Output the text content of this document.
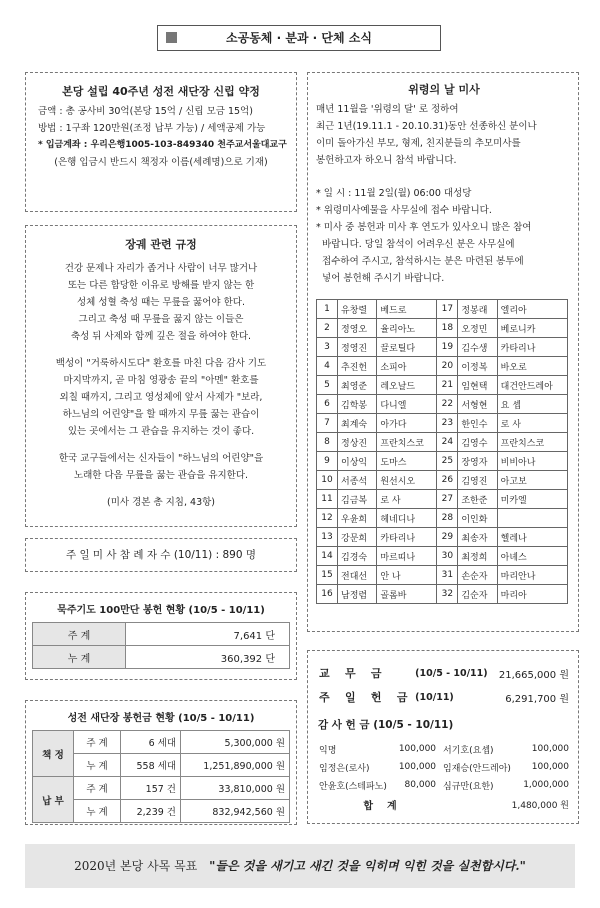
소공동체 · 분과 · 단체 소식
본당 설립 40주년 성전 새단장 신립 약정
금액 : 총 공사비 30억(본당 15억 / 신립 모금 15억)
방법 : 1구좌 120만원(조정 납부 가능) / 세액공제 가능
* 입금계좌 : 우리은행1005-103-849340 천주교서울대교구
(은행 입금시 반드시 책정자 이름(세례명)으로 기재)
장궤 관련 규정
건강 문제나 자리가 좁거나 사람이 너무 많거나
또는 다른 합당한 이유로 방해를 받지 않는 한
성체 성혈 축성 때는 무릎을 꿇어야 한다.
그리고 축성 때 무릎을 꿇지 않는 이들은
축성 뒤 사제와 함께 깊은 절을 하여야 한다.
백성이 "거룩하시도다" 환호를 마친 다음 감사 기도
마지막까지, 곧 마침 영광송 끝의 "아멘" 환호를
외칠 때까지, 그리고 영성체에 앞서 사제가 "보라,
하느님의 어린양"을 할 때까지 무릎 꿇는 관습이
있는 곳에서는 그 관습을 유지하는 것이 좋다.
한국 교구들에서는 신자들이 "하느님의 어린양"을
노래한 다음 무릎을 꿇는 관습을 유지한다.
(미사 경본 총 지침, 43항)
주 일 미 사 참 례 자 수 (10/11) : 890 명
묵주기도 100만단 봉헌 현황 (10/5 - 10/11)
주 계	7,641 단
누 계	360,392 단
성전 새단장 봉헌금 현황 (10/5 - 10/11)
책 정	주 계	6 세대	5,300,000 원
	누 계	558 세대	1,251,890,000 원
납 부	주 계	157 건	33,810,000 원
	누 계	2,239 건	832,942,560 원
위령의 날 미사
매년 11월을 '위령의 달' 로 정하여
최근 1년(19.11.1 - 20.10.31)동안 선종하신 분이나
이미 돌아가신 부모, 형제, 친지분들의 추모미사를
봉헌하고자 하오니 참석 바랍니다.
* 일 시 : 11월 2일(월) 06:00 대성당
* 위령미사예물을 사무실에 접수 바랍니다.
* 미사 중 봉헌과 미사 후 연도가 있사오니 많은 참여
바랍니다. 당일 참석이 어려우신 분은 사무실에
접수하여 주시고, 참석하시는 분은 마련된 봉투에
넣어 봉헌해 주시기 바랍니다.
1	유창렬	베드로	17	정봉래	엘리아
2	정영오	율리아노	18	오정민	베로니카
3	정영진	끌로틸다	19	김수생	카타리나
4	추진헌	소피아	20	이정복	바오로
5	최영준	레오날드	21	임현택	대건안드레아
6	김학봉	다니엘	22	서형현	요 셉
7	최계숙	아가다	23	한인수	로 사
8	정상진	프란치스코	24	김영수	프란치스코
9	이상익	도마스	25	장영자	비비아나
10	서종석	원선시오	26	김영진	아고보
11	김금복	로 사	27	조한준	미카엘
12	우윤희	헤네디나	28	이인화	
13	강문희	카타리나	29	최송자	헬레나
14	김경숙	마르띠나	30	최정희	아녜스
15	전대선	안 나	31	손순자	마리안나
16	남정렴	골롬바	32	김순자	마리아
교    무    금	(10/5 - 10/11)	21,665,000 원
주    일    헌    금	(10/11)	6,291,700 원
감 사 헌 금 (10/5 - 10/11)
익명	100,000	서기호(요셉)	100,000
임정은(로사)	100,000	임재승(안드레아)	100,000
안윤호(스테파노)	80,000	심규만(요한)	1,000,000
합    계		1,480,000 원	
2020년 본당 사목 목표 "들은 것을 새기고 새긴 것을 익히며 익힌 것을 실천합시다."
